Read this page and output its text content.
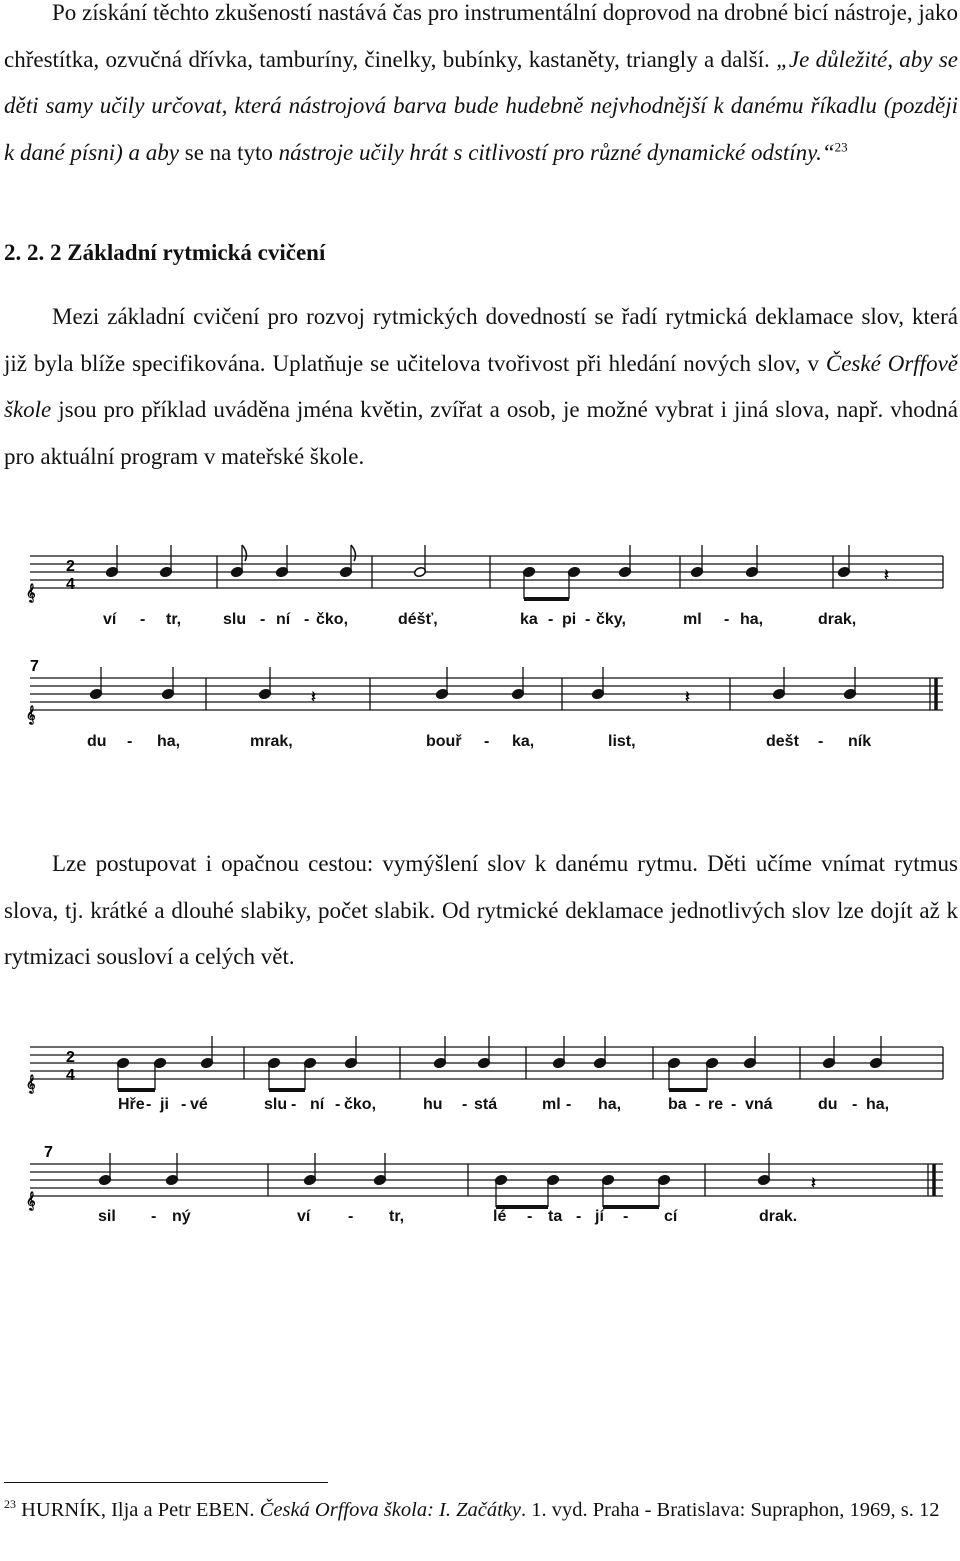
Po získání těchto zkušeností nastává čas pro instrumentální doprovod na drobné bicí nástroje, jako chřestítka, ozvučná dřívka, tamburíny, činelky, bubínky, kastaněty, triangly a další. „Je důležité, aby se děti samy učily určovat, která nástrojová barva bude hudebně nejvhodnější k danému říkadlu (později k dané písni) a aby se na tyto nástroje učily hrát s citlivostí pro různé dynamické odstíny.“$^{23}$

2. 2. 2 Základní rytmická cvičení

Mezi základní cvičení pro rozvoj rytmických dovedností se řadí rytmická deklamace slov, která již byla blíže specifikována. Uplatňuje se učitelova tvořivost při hledání nových slov, v České Orffově škole jsou pro příklad uváděna jména květin, zvířat a osob, je možné vybrat i jiná slova, např. vhodná pro aktuální program v mateřské škole.

𝄞
𝄞
2
4
7
𝄽
𝄽	𝄽

Lze postupovat i opačnou cestou: vymýšlení slov k danému rytmu. Děti učíme vnímat rytmus slova, tj. krátké a dlouhé slabiky, počet slabik. Od rytmické deklamace jednotlivých slov lze dojít až k rytmizaci sousloví a celých vět.

𝄞
𝄞
2
4
7
𝄽
ví - tr,	slu - ní - čko,	déšť,	ka - pi - čky,	ml - ha,	drak,
du - ha,	mrak,	bouř - ka,	list,	dešt - ník
Hře - ji - vé	slu - ní - čko,	hu - stá	ml - ha,	ba - re - vná	du - ha,
sil - ný	ví - tr,	lé - ta - jí - cí	drak.

$^{23}$ HURNÍK, Ilja a Petr EBEN. Česká Orffova škola: I. Začátky. 1. vyd. Praha - Bratislava: Supraphon, 1969, s. 12
